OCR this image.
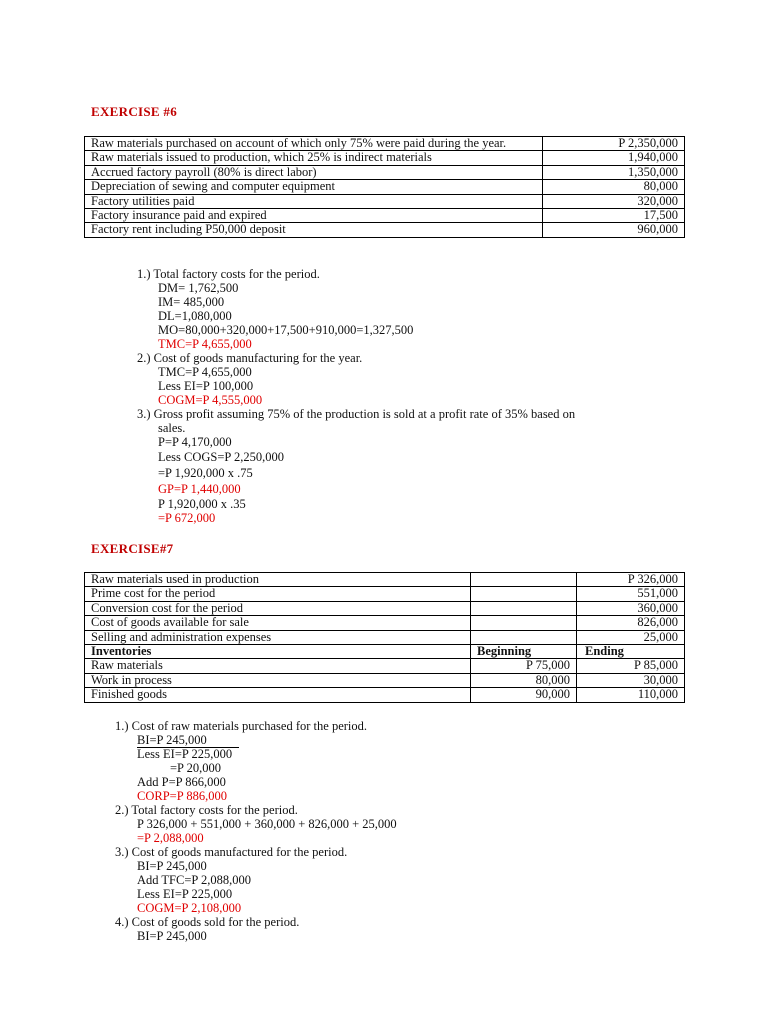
EXERCISE #6
Raw materials purchased on account of which only 75% were paid during the year.	P 2,350,000
Raw materials issued to production, which 25% is indirect materials	1,940,000
Accrued factory payroll (80% is direct labor)	1,350,000
Depreciation of sewing and computer equipment	80,000
Factory utilities paid	320,000
Factory insurance paid and expired	17,500
Factory rent including P50,000 deposit	960,000
1.) Total factory costs for the period.
DM= 1,762,500
IM= 485,000
DL=1,080,000
MO=80,000+320,000+17,500+910,000=1,327,500
TMC=P 4,655,000
2.) Cost of goods manufacturing for the year.
TMC=P 4,655,000
Less EI=P 100,000
COGM=P 4,555,000
3.) Gross profit assuming 75% of the production is sold at a profit rate of 35% based on
sales.
P=P 4,170,000
Less COGS=P 2,250,000
=P 1,920,000 x .75
GP=P 1,440,000
P 1,920,000 x .35
=P 672,000
EXERCISE#7
Raw materials used in production		P 326,000
Prime cost for the period		551,000
Conversion cost for the period		360,000
Cost of goods available for sale		826,000
Selling and administration expenses		25,000
Inventories	Beginning	Ending
Raw materials	P 75,000	P 85,000
Work in process	80,000	30,000
Finished goods	90,000	110,000
1.) Cost of raw materials purchased for the period.
BI=P 245,000
Less EI=P 225,000
=P 20,000
Add P=P 866,000
CORP=P 886,000
2.) Total factory costs for the period.
P 326,000 + 551,000 + 360,000 + 826,000 + 25,000
=P 2,088,000
3.) Cost of goods manufactured for the period.
BI=P 245,000
Add TFC=P 2,088,000
Less EI=P 225,000
COGM=P 2,108,000
4.) Cost of goods sold for the period.
BI=P 245,000
